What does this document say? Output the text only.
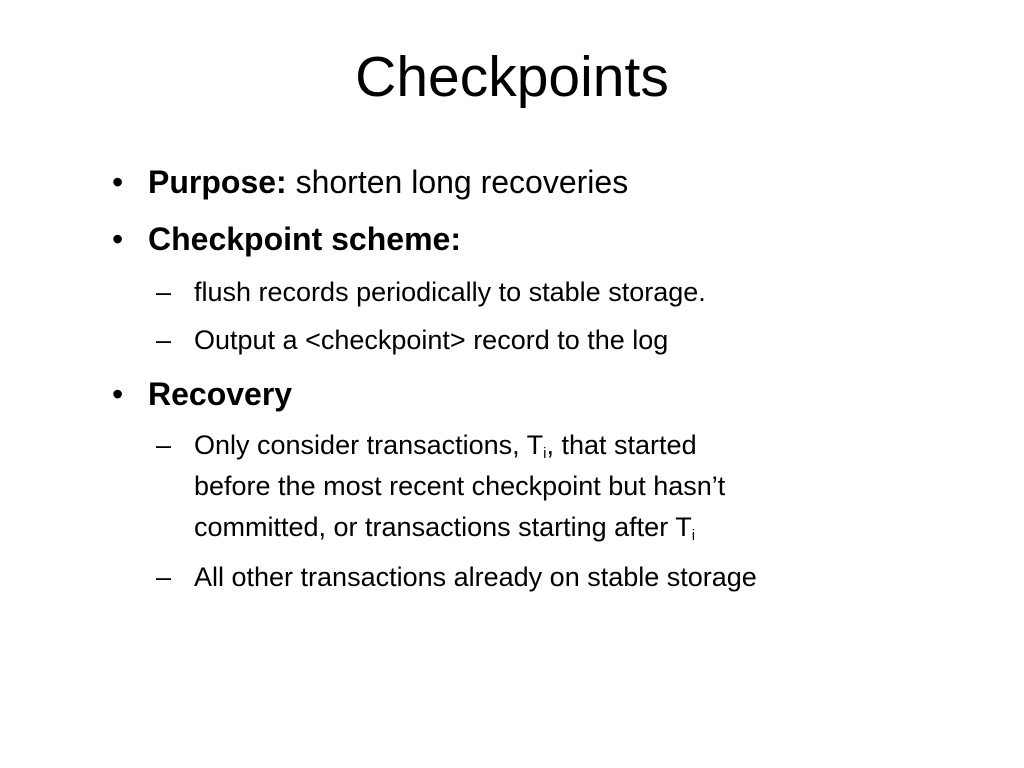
Checkpoints
• Purpose: shorten long recoveries
• Checkpoint scheme:
– flush records periodically to stable storage.
– Output a <checkpoint> record to the log
• Recovery
– Only consider transactions, $T_i$, that started
before the most recent checkpoint but hasn’t
committed, or transactions starting after $T_i$
– All other transactions already on stable storage
